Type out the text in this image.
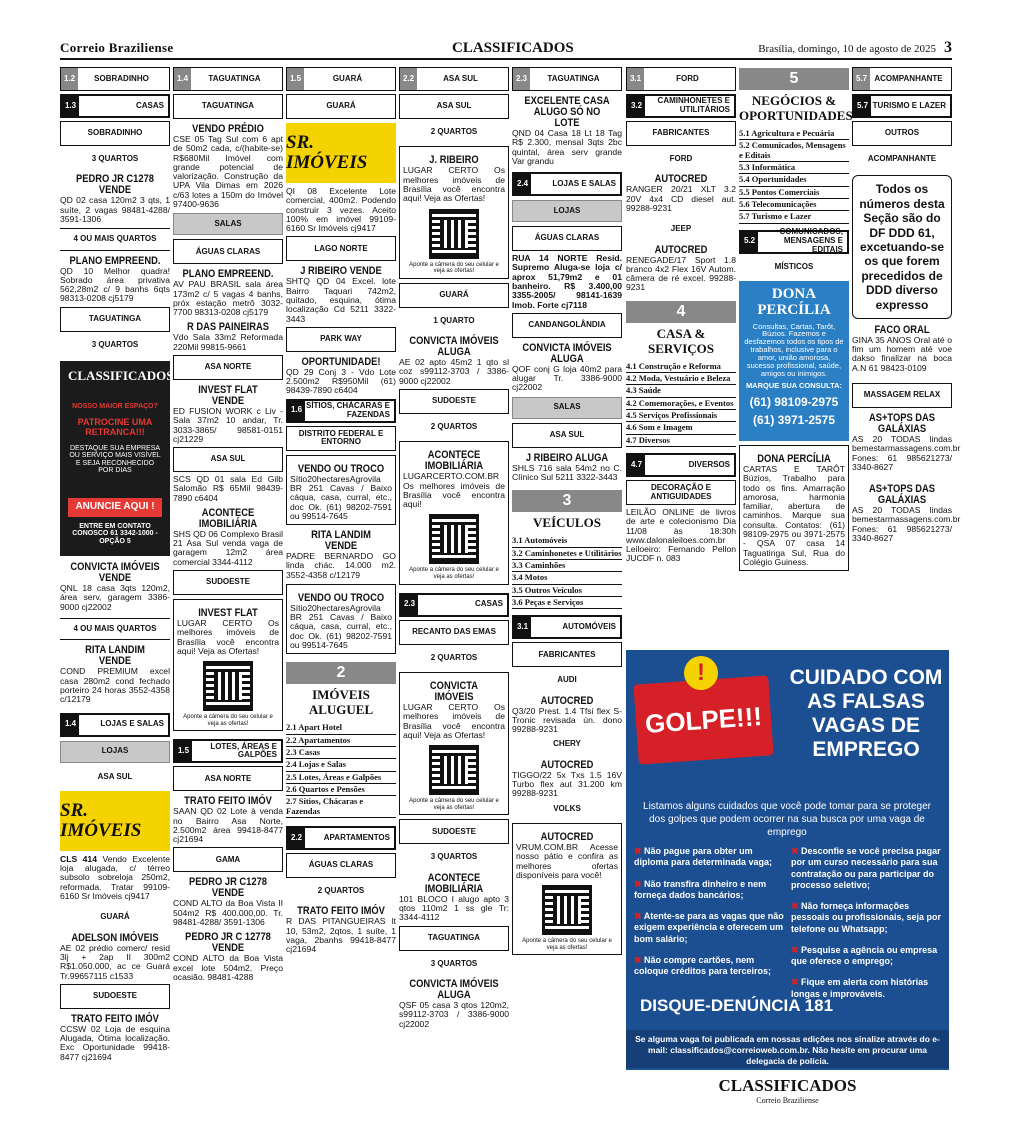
Correio Braziliense	CLASSIFICADOS	Brasília, domingo, 10 de agosto de 2025 3
1.2	SOBRADINHO
1.3	CASAS
SOBRADINHO
3 QUARTOS
PEDRO JR C1278 VENDE

QD 02 casa 120m2 3 qts, 1 suíte, 2 vagas 98481-4288/ 3591-1306

4 OU MAIS QUARTOS
PLANO EMPREEND.

QD 10 Melhor quadra! Sobrado área privativa 562,28m2 c/ 9 banhs 6qts 98313-0208 cj5179

TAGUATINGA
3 QUARTOS
CLASSIFICADOS
NOSSO MAIOR ESPAÇO?
PATROCINE UMA RETRANCA!!!
DESTAQUE SUA EMPRESA OU SERVIÇO MAIS VISÍVEL E SEJA RECONHECIDO POR DIAS
ANUNCIE AQUI !
ENTRE EM CONTATO CONOSCO 61 3342-1000 - OPÇÃO 5
CONVICTA IMÓVEIS VENDE

QNL 18 casa 3qts 120m2, área serv, garagem 3386-9000 cj22002

4 OU MAIS QUARTOS
RITA LANDIM VENDE

COND PREMIUM excel casa 280m2 cond fechado porteiro 24 horas 3552-4358 c/12179

1.4	LOJAS E SALAS
LOJAS
ASA SUL
SR. IMÓVEIS

CLS 414 Vendo Excelente loja alugada, c/ térreo subsolo sobreloja 250m2, reformada. Tratar 99109-6160 Sr Imóveis cj9417

GUARÁ
ADELSON IMÓVEIS

AE 02 prédio comerc/ resid 3lj + 2ap II 300m2 R$1.050.000, ac ce Guará Tr.99657115 c1533

SUDOESTE
TRATO FEITO IMÓV

CCSW 02 Loja de esquina Alugada, Ótima localização. Exc Oportunidade 99418-8477 cj21694

1.4	TAGUATINGA
TAGUATINGA
VENDO PRÉDIO

CSE 05 Tag Sul com 6 apt de 50m2 cada, c/(habite-se) R$680Mil Imóvel com grande potencial de valorização. Construção da UPA Vila Dimas em 2026 c/63 lotes a 150m do Imóvel 97400-9636

SALAS
ÁGUAS CLARAS
PLANO EMPREEND.

AV PAU BRASIL sala área 173m2 c/ 5 vagas 4 banhs, próx estação metrô 3032-7700 98313-0208 cj5179

R DAS PAINEIRAS

Vdo Sala 33m2 Reformada 220Mil 99815-9661

ASA NORTE
INVEST FLAT VENDE

ED FUSION WORK c Liv - Sala 37m2 10 andar, Tr. 3033-3865/ 98581-0151 cj21229

ASA SUL

SCS QD 01 sala Ed Gilb Salomão R$ 65Mil 98439-7890 c6404

ACONTECE IMOBILIÁRIA

SHS QD 06 Complexo Brasil 21 Asa Sul venda vaga de garagem 12m2 área comercial 3344-4112

SUDOESTE
INVEST FLAT

LUGAR CERTO Os melhores imóveis de Brasília você encontra aqui! Veja as Ofertas!

Aponte a câmera do seu celular e veja as ofertas!
1.5
LOTES, ÁREAS E GALPÕES
ASA NORTE
TRATO FEITO IMÓV

SAAN QD 02 Lote à venda no Bairro Asa Norte, 2.500m2 área 99418-8477 cj21694

GAMA
PEDRO JR C1278 VENDE

COND ALTO da Boa Vista II 504m2 R$ 400.000,00. Tr. 98481-4288/ 3591-1306

PEDRO JR C 12778 VENDE

COND ALTO da Boa Vista excel lote 504m2. Preço ocasião. 98481-4288

1.5	GUARÁ
GUARÁ
SR. IMÓVEIS

QI 08 Excelente Lote comercial, 400m2. Podendo construir 3 vezes. Aceito 100% em imóvel 99109-6160 Sr Imóveis cj9417

LAGO NORTE
J RIBEIRO VENDE

SHTQ QD 04 Excel. lote Bairro Taquari 742m2, quitado, esquina, ótima localização Cd 5211 3322-3443

PARK WAY
OPORTUNIDADE!

QD 29 Conj 3 - Vdo Lote 2.500m2 R$950Mil (61) 98439-7890 c6404

1.6
SÍTIOS, CHÁCARAS E FAZENDAS
DISTRITO FEDERAL E ENTORNO
VENDO OU TROCO

Sítio20hectaresAgrovila BR 251 Cavas / Baixo cáqua, casa, curral, etc., doc Ok. (61) 98202-7591 ou 99514-7645

RITA LANDIM VENDE

PADRE BERNARDO GO linda chác. 14.000 m2. 3552-4358 c/12179

VENDO OU TROCO

Sítio20hectaresAgrovila BR 251 Cavas / Baixo cáqua, casa, curral, etc., doc Ok. (61) 98202-7591 ou 99514-7645

2
IMÓVEIS ALUGUEL
2.1 Apart Hotel
2.2 Apartamentos
2.3 Casas
2.4 Lojas e Salas
2.5 Lotes, Áreas e Galpões
2.6 Quartos e Pensões
2.7 Sítios, Chácaras e Fazendas
2.2	APARTAMENTOS
ÁGUAS CLARAS
2 QUARTOS
TRATO FEITO IMÓV

R DAS PITANGUEIRAS lt 10, 53m2, 2qtos, 1 suíte, 1 vaga, 2banhs 99418-8477 cj21694

2.2	ASA SUL
ASA SUL
2 QUARTOS
J. RIBEIRO

LUGAR CERTO Os melhores imóveis de Brasília você encontra aqui! Veja as Ofertas!

Aponte a câmera do seu celular e veja as ofertas!
GUARÁ
1 QUARTO
CONVICTA IMÓVEIS ALUGA

AE 02 apto 45m2 1 qto sl coz s99112-3703 / 3386-9000 cj22002

SUDOESTE
2 QUARTOS
ACONTECE IMOBILIÁRIA

LUGARCERTO.COM.BR Os melhores imóveis de Brasília você encontra aqui!

Aponte a câmera do seu celular e veja as ofertas!
2.3	CASAS
RECANTO DAS EMAS
2 QUARTOS
CONVICTA IMÓVEIS

LUGAR CERTO Os melhores imóveis de Brasília você encontra aqui! Veja as Ofertas!

Aponte a câmera do seu celular e veja as ofertas!
SUDOESTE
3 QUARTOS
ACONTECE IMOBILIÁRIA

101 BLOCO I alugo apto 3 qtos 110m2 1 ss gle Tr: 3344-4112

TAGUATINGA
3 QUARTOS
CONVICTA IMÓVEIS ALUGA

QSF 05 casa 3 qtos 120m2, s99112-3703 / 3386-9000 cj22002

2.3	TAGUATINGA
EXCELENTE CASA ALUGO SÓ NO LOTE

QND 04 Casa 18 Lt 18 Tag R$ 2.300, mensal 3qts 2bc quintal, área serv grande Var grandu

2.4	LOJAS E SALAS
LOJAS
ÁGUAS CLARAS

RUA 14 NORTE Resid. Supremo Aluga-se loja c/ aprox 51,79m2 e 01 banheiro. R$ 3.400,00 3355-2005/ 98141-1639 Imob. Forte cj7118

CANDANGOLÂNDIA
CONVICTA IMÓVEIS ALUGA

QOF conj G loja 40m2 para alugar Tr. 3386-9000 cj22002

SALAS
ASA SUL
J RIBEIRO ALUGA

SHLS 716 sala 54m2 no C. Clínico Sul 5211 3322-3443

3
VEÍCULOS
3.1 Automóveis
3.2 Caminhonetes e Utilitários
3.3 Caminhões
3.4 Motos
3.5 Outros Veículos
3.6 Peças e Serviços
3.1	AUTOMÓVEIS
FABRICANTES
AUDI
AUTOCRED

Q3/20 Prest. 1.4 Tfsi flex S-Tronic revisada ún. dono 99288-9231

CHERY
AUTOCRED

TIGGO/22 5x Txs 1.5 16V Turbo flex aut 31.200 km 99288-9231

VOLKS
AUTOCRED

VRUM.COM.BR Acesse nosso pátio e confira as melhores ofertas disponíveis para você!

Aponte a câmera do seu celular e veja as ofertas!
3.1	FORD
3.2
CAMINHONETES E UTILITÁRIOS
FABRICANTES
FORD
AUTOCRED

RANGER 20/21 XLT 3.2 20V 4x4 CD diesel aut. 99288-9231

JEEP
AUTOCRED

RENEGADE/17 Sport 1.8 branco 4x2 Flex 16V Autom. câmera de ré excel. 99288-9231

4
CASA & SERVIÇOS
4.1 Construção e Reforma
4.2 Moda, Vestuário e Beleza
4.3 Saúde
4.2 Comemorações, e Eventos
4.5 Serviços Profissionais
4.6 Som e Imagem
4.7 Diversos
4.7	DIVERSOS
DECORAÇÃO E ANTIGUIDADES

LEILÃO ONLINE de livros de arte e colecionismo Dia 11/08 às 18:30h www.dalonaleiloes.com.br Leiloeiro: Fernando Pellon JUCDF n. 083

5
NEGÓCIOS & OPORTUNIDADES
5.1 Agricultura e Pecuária
5.2 Comunicados, Mensagens e Editais
5.3 Informática
5.4 Oportunidades
5.5 Pontos Comerciais
5.6 Telecomunicações
5.7 Turismo e Lazer
5.2
COMUNICADOS, MENSAGENS E EDITAIS
MÍSTICOS
DONA PERCÍLIA
Consultas, Cartas, Tarôt, Búzios. Fazemos e desfazemos todos os tipos de trabalhos, inclusive para o amor, união amorosa, sucesso profissional, saúde, amigos ou inimigos.
MARQUE SUA CONSULTA:
(61) 98109-2975
(61) 3971-2575
DONA PERCÍLIA

CARTAS E TARÔT Búzios, Trabalho para todo os fins. Amarração amorosa, harmonia familiar, abertura de caminhos. Marque sua consulta. Contatos: (61) 98109-2975 ou 3971-2575 - QSA 07 casa 14 Taguatinga Sul, Rua do Colégio Guiness.

5.7 ACOMPANHANTE
5.7 TURISMO E LAZER
OUTROS
ACOMPANHANTE
Todos os números desta Seção são do DF DDD 61, excetuando-se os que forem precedidos de DDD diverso expresso
FACO ORAL

GINA 35 ANOS Oral até o fim um homem até voe dakso finalizar na boca A.N 61 98423-0109

MASSAGEM RELAX
AS+TOPS DAS GALÁXIAS

AS 20 TODAS lindas bemestarmassagens.com.br Fones: 61 985621273/ 3340-8627

AS+TOPS DAS GALÁXIAS

AS 20 TODAS lindas bemestarmassagens.com.br Fones: 61 985621273/ 3340-8627

GOLPE!!!
!	CUIDADO COM AS FALSAS VAGAS DE EMPREGO
Listamos alguns cuidados que você pode tomar para se proteger dos golpes que podem ocorrer na sua busca por uma vaga de emprego
✖ Não pague para obter um diploma para determinada vaga;
✖ Não transfira dinheiro e nem forneça dados bancários;
✖ Atente-se para as vagas que não exigem experiência e oferecem um bom salário;
✖ Não compre cartões, nem coloque créditos para terceiros;
✖ Desconfie se você precisa pagar por um curso necessário para sua contratação ou para participar do processo seletivo;
✖ Não forneça informações pessoais ou profissionais, seja por telefone ou Whatsapp;
✖ Pesquise a agência ou empresa que oferece o emprego;
✖ Fique em alerta com histórias longas e improváveis.
DISQUE-DENÚNCIA 181
Se alguma vaga foi publicada em nossas edições nos sinalize através do e-mail: classificados@correioweb.com.br. Não hesite em procurar uma delegacia de polícia.
CLASSIFICADOS
Correio Braziliense
